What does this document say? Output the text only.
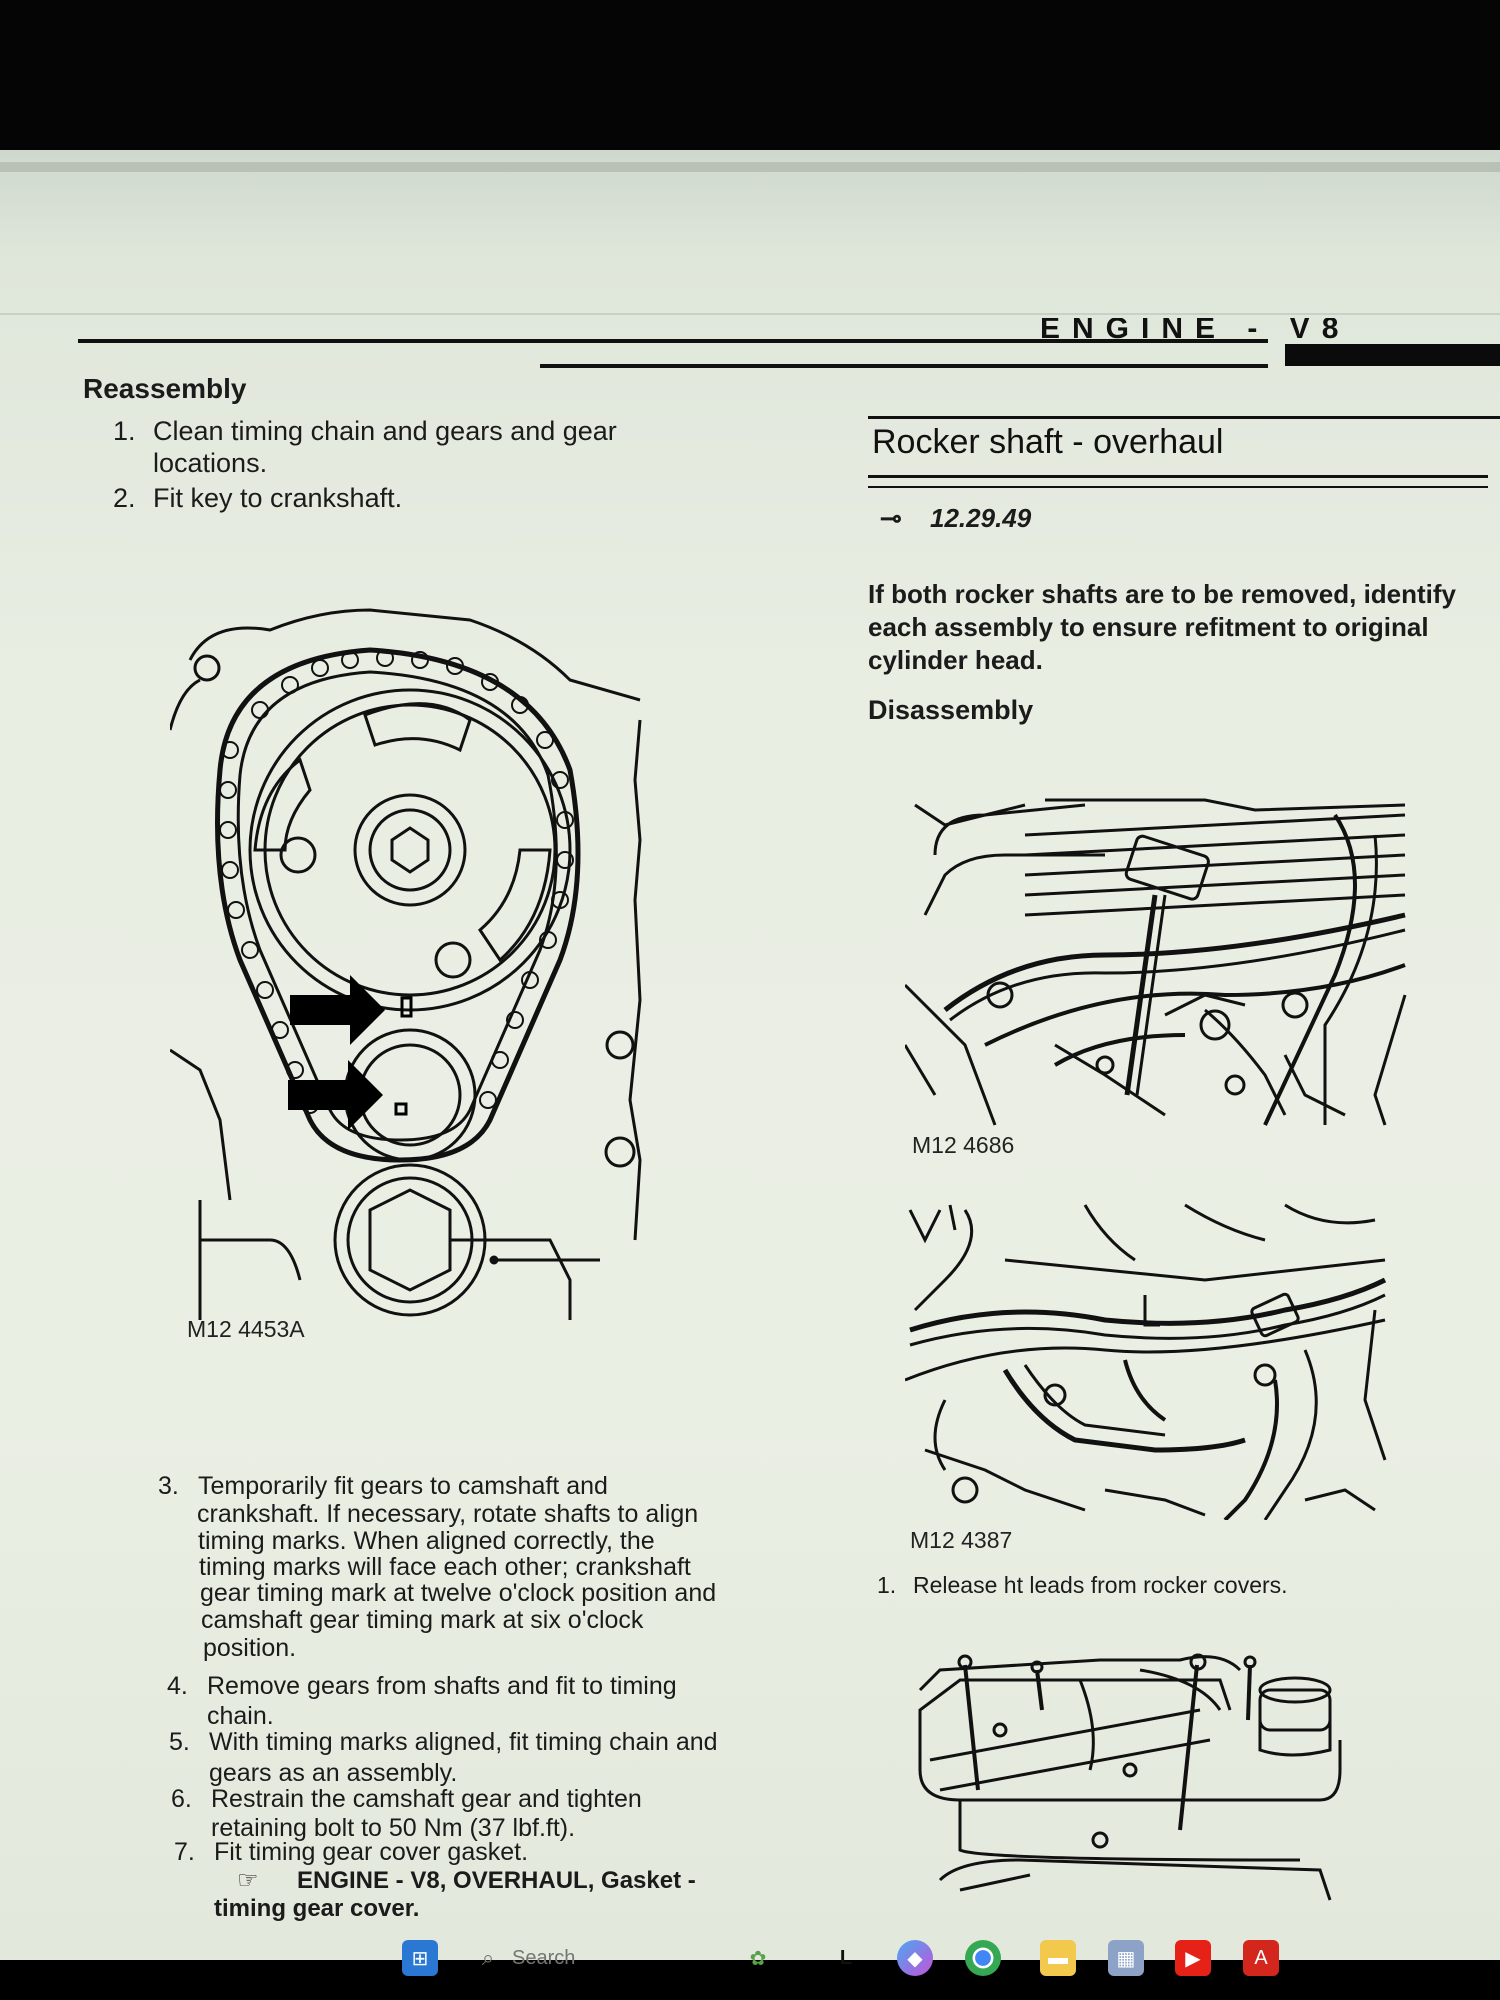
ENGINE - V8
Reassembly
1. Clean timing chain and gears and gear
locations.
2. Fit key to crankshaft.
M12 4453A
3. Temporarily fit gears to camshaft and
crankshaft. If necessary, rotate shafts to align
timing marks. When aligned correctly, the
timing marks will face each other; crankshaft
gear timing mark at twelve o'clock position and
camshaft gear timing mark at six o'clock
position.
4. Remove gears from shafts and fit to timing
chain.
5. With timing marks aligned, fit timing chain and
gears as an assembly.
6. Restrain the camshaft gear and tighten
retaining bolt to 50 Nm (37 lbf.ft).
7. Fit timing gear cover gasket.
☞ ENGINE - V8, OVERHAUL, Gasket -
timing gear cover.
Rocker shaft - overhaul
⊸ 12.29.49
If both rocker shafts are to be removed, identify
each assembly to ensure refitment to original
cylinder head.
Disassembly
M12 4686
M12 4387
1. Release ht leads from rocker covers.
⊞	⌕
Search	✿	L	◆	▬	▦	▶	A
